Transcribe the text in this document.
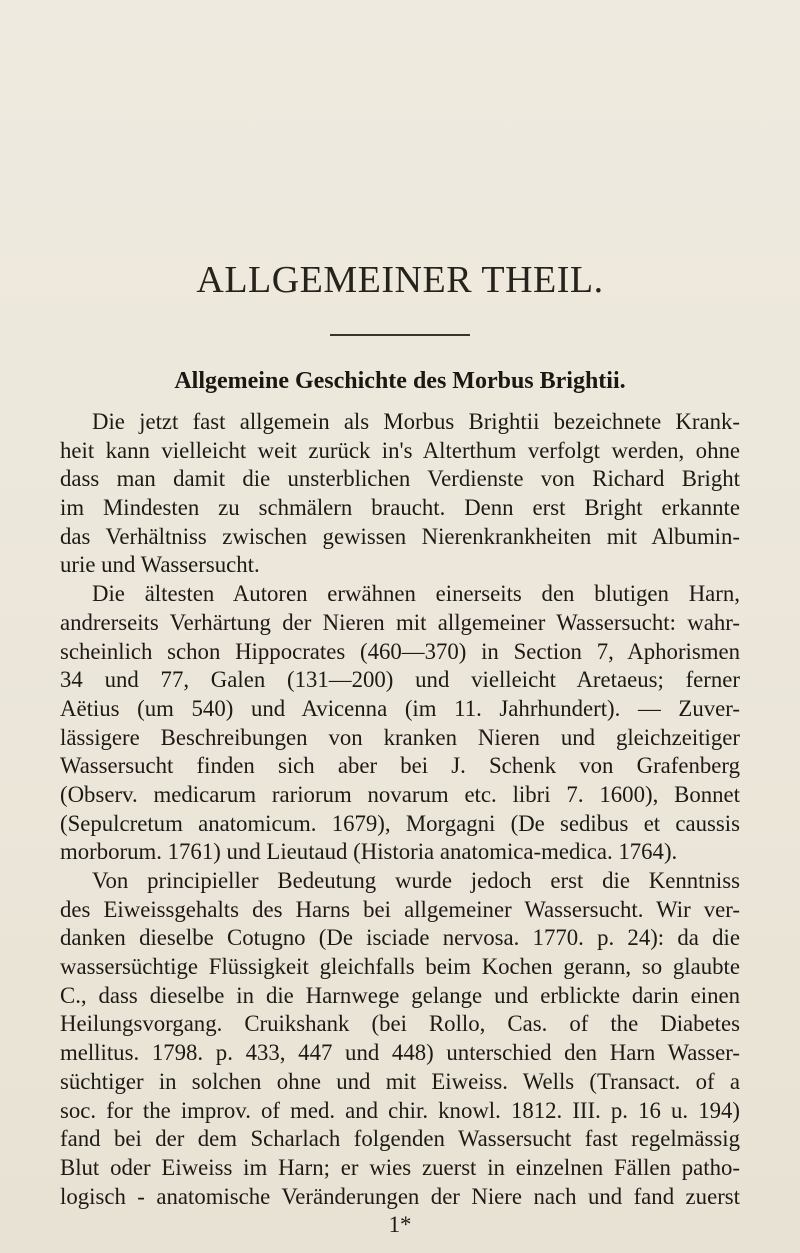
ALLGEMEINER THEIL.
Allgemeine Geschichte des Morbus Brightii.
Die jetzt fast allgemein als Morbus Brightii bezeichnete Krank-
heit kann vielleicht weit zurück in's Alterthum verfolgt werden, ohne
dass man damit die unsterblichen Verdienste von Richard Bright
im Mindesten zu schmälern braucht. Denn erst Bright erkannte
das Verhältniss zwischen gewissen Nierenkrankheiten mit Albumin-
urie und Wassersucht.
Die ältesten Autoren erwähnen einerseits den blutigen Harn,
andrerseits Verhärtung der Nieren mit allgemeiner Wassersucht: wahr-
scheinlich schon Hippocrates (460—370) in Section 7, Aphorismen
34 und 77, Galen (131—200) und vielleicht Aretaeus; ferner
Aëtius (um 540) und Avicenna (im 11. Jahrhundert). — Zuver-
lässigere Beschreibungen von kranken Nieren und gleichzeitiger
Wassersucht finden sich aber bei J. Schenk von Grafenberg
(Observ. medicarum rariorum novarum etc. libri 7. 1600), Bonnet
(Sepulcretum anatomicum. 1679), Morgagni (De sedibus et caussis
morborum. 1761) und Lieutaud (Historia anatomica-medica. 1764).
Von principieller Bedeutung wurde jedoch erst die Kenntniss
des Eiweissgehalts des Harns bei allgemeiner Wassersucht. Wir ver-
danken dieselbe Cotugno (De isciade nervosa. 1770. p. 24): da die
wassersüchtige Flüssigkeit gleichfalls beim Kochen gerann, so glaubte
C., dass dieselbe in die Harnwege gelange und erblickte darin einen
Heilungsvorgang. Cruikshank (bei Rollo, Cas. of the Diabetes
mellitus. 1798. p. 433, 447 und 448) unterschied den Harn Wasser-
süchtiger in solchen ohne und mit Eiweiss. Wells (Transact. of a
soc. for the improv. of med. and chir. knowl. 1812. III. p. 16 u. 194)
fand bei der dem Scharlach folgenden Wassersucht fast regelmässig
Blut oder Eiweiss im Harn; er wies zuerst in einzelnen Fällen patho-
logisch - anatomische Veränderungen der Niere nach und fand zuerst
1*
